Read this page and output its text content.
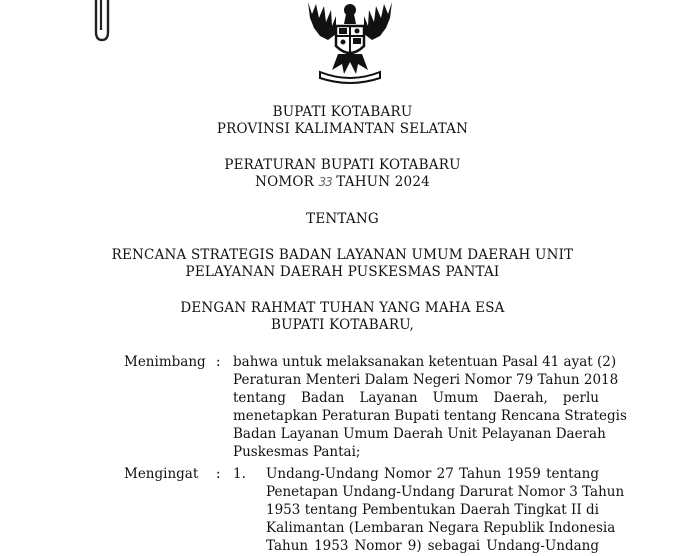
BUPATI KOTABARU
PROVINSI KALIMANTAN SELATAN
PERATURAN BUPATI KOTABARU
NOMOR 33 TAHUN 2024
TENTANG
RENCANA STRATEGIS BADAN LAYANAN UMUM DAERAH UNIT
PELAYANAN DAERAH PUSKESMAS PANTAI
DENGAN RAHMAT TUHAN YANG MAHA ESA
BUPATI KOTABARU,
Menimbang : bahwa untuk melaksanakan ketentuan Pasal 41 ayat (2)
Peraturan Menteri Dalam Negeri Nomor 79 Tahun 2018
tentang Badan Layanan Umum Daerah, perlu
menetapkan Peraturan Bupati tentang Rencana Strategis
Badan Layanan Umum Daerah Unit Pelayanan Daerah
Puskesmas Pantai;
Mengingat : 1. Undang-Undang Nomor 27 Tahun 1959 tentang
Penetapan Undang-Undang Darurat Nomor 3 Tahun
1953 tentang Pembentukan Daerah Tingkat II di
Kalimantan (Lembaran Negara Republik Indonesia
Tahun 1953 Nomor 9) sebagai Undang-Undang
